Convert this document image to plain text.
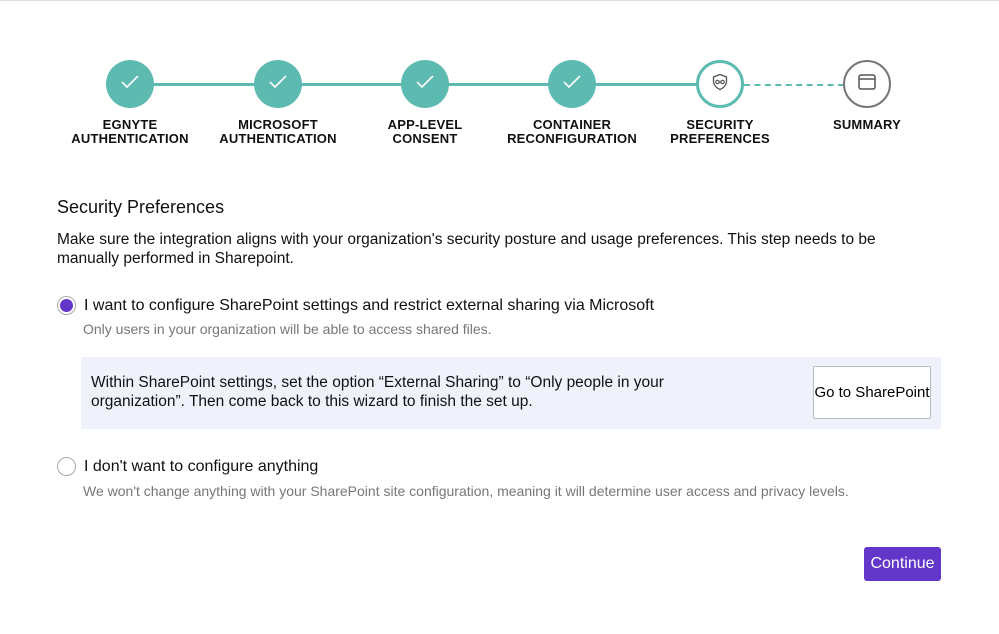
EGNYTE
AUTHENTICATION
MICROSOFT
AUTHENTICATION
APP-LEVEL
CONSENT
CONTAINER
RECONFIGURATION
SECURITY
PREFERENCES
SUMMARY

Security Preferences

Make sure the integration aligns with your organization's security posture and usage preferences. This step needs to be manually performed in Sharepoint.

I want to configure SharePoint settings and restrict external sharing via Microsoft
Only users in your organization will be able to access shared files.

Within SharePoint settings, set the option “External Sharing” to “Only people in your organization”. Then come back to this wizard to finish the set up.

Go to SharePoint
I don't want to configure anything
We won't change anything with your SharePoint site configuration, meaning it will determine user access and privacy levels.
Continue
